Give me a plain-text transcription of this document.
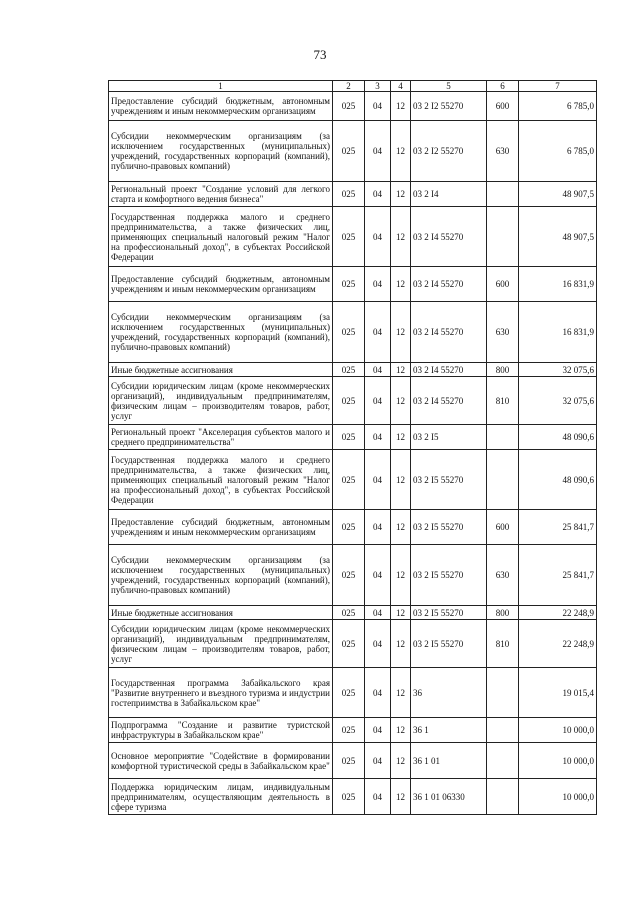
73
1	2	3	4	5	6	7
Предоставление субсидий бюджетным, автономным учреждениям и иным некоммерческим организациям	025	04	12	03 2 I2 55270	600	6 785,0
Субсидии некоммерческим организациям (за исключением государственных (муниципальных) учреждений, государственных корпораций (компаний), публично-правовых компаний)	025	04	12	03 2 I2 55270	630	6 785,0
Региональный проект "Создание условий для легкого старта и комфортного ведения бизнеса"	025	04	12	03 2 I4		48 907,5
Государственная поддержка малого и среднего предпринимательства, а также физических лиц, применяющих специальный налоговый режим "Налог на профессиональный доход", в субъектах Российской Федерации	025	04	12	03 2 I4 55270		48 907,5
Предоставление субсидий бюджетным, автономным учреждениям и иным некоммерческим организациям	025	04	12	03 2 I4 55270	600	16 831,9
Субсидии некоммерческим организациям (за исключением государственных (муниципальных) учреждений, государственных корпораций (компаний), публично-правовых компаний)	025	04	12	03 2 I4 55270	630	16 831,9
Иные бюджетные ассигнования	025	04	12	03 2 I4 55270	800	32 075,6
Субсидии юридическим лицам (кроме некоммерческих организаций), индивидуальным предпринимателям, физическим лицам – производителям товаров, работ, услуг	025	04	12	03 2 I4 55270	810	32 075,6
Региональный проект "Акселерация субъектов малого и среднего предпринимательства"	025	04	12	03 2 I5		48 090,6
Государственная поддержка малого и среднего предпринимательства, а также физических лиц, применяющих специальный налоговый режим "Налог на профессиональный доход", в субъектах Российской Федерации	025	04	12	03 2 I5 55270		48 090,6
Предоставление субсидий бюджетным, автономным учреждениям и иным некоммерческим организациям	025	04	12	03 2 I5 55270	600	25 841,7
Субсидии некоммерческим организациям (за исключением государственных (муниципальных) учреждений, государственных корпораций (компаний), публично-правовых компаний)	025	04	12	03 2 I5 55270	630	25 841,7
Иные бюджетные ассигнования	025	04	12	03 2 I5 55270	800	22 248,9
Субсидии юридическим лицам (кроме некоммерческих организаций), индивидуальным предпринимателям, физическим лицам – производителям товаров, работ, услуг	025	04	12	03 2 I5 55270	810	22 248,9
Государственная программа Забайкальского края "Развитие внутреннего и въездного туризма и индустрии гостеприимства в Забайкальском крае"	025	04	12	36		19 015,4
Подпрограмма "Создание и развитие туристской инфраструктуры в Забайкальском крае"	025	04	12	36 1		10 000,0
Основное мероприятие "Содействие в формировании комфортной туристической среды в Забайкальском крае"	025	04	12	36 1 01		10 000,0
Поддержка юридическим лицам, индивидуальным предпринимателям, осуществляющим деятельность в сфере туризма	025	04	12	36 1 01 06330		10 000,0
